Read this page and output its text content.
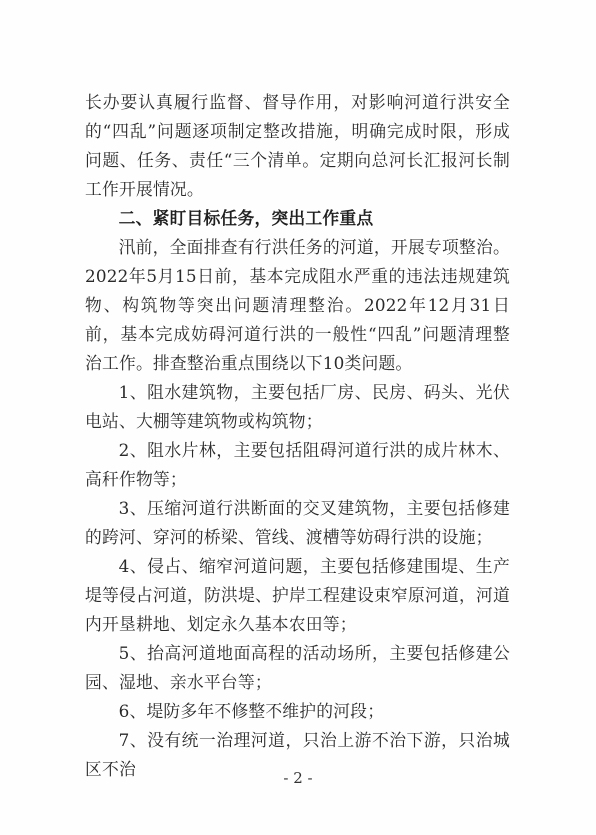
长办要认真履行监督、督导作用，对影响河道行洪安全的“四乱”问题逐项制定整改措施，明确完成时限，形成问题、任务、责任“三个清单。定期向总河长汇报河长制工作开展情况。

二、紧盯目标任务，突出工作重点

汛前，全面排查有行洪任务的河道，开展专项整治。2022年5月15日前，基本完成阻水严重的违法违规建筑物、构筑物等突出问题清理整治。2022年12月31日前，基本完成妨碍河道行洪的一般性“四乱”问题清理整治工作。排查整治重点围绕以下10类问题。

1、阻水建筑物，主要包括厂房、民房、码头、光伏电站、大棚等建筑物或构筑物；

2、阻水片林，主要包括阻碍河道行洪的成片林木、高秆作物等；

3、压缩河道行洪断面的交叉建筑物，主要包括修建的跨河、穿河的桥梁、管线、渡槽等妨碍行洪的设施；

4、侵占、缩窄河道问题，主要包括修建围堤、生产堤等侵占河道，防洪堤、护岸工程建设束窄原河道，河道内开垦耕地、划定永久基本农田等；

5、抬高河道地面高程的活动场所，主要包括修建公园、湿地、亲水平台等；

6、堤防多年不修整不维护的河段；

7、没有统一治理河道，只治上游不治下游，只治城区不治	- 2 -
